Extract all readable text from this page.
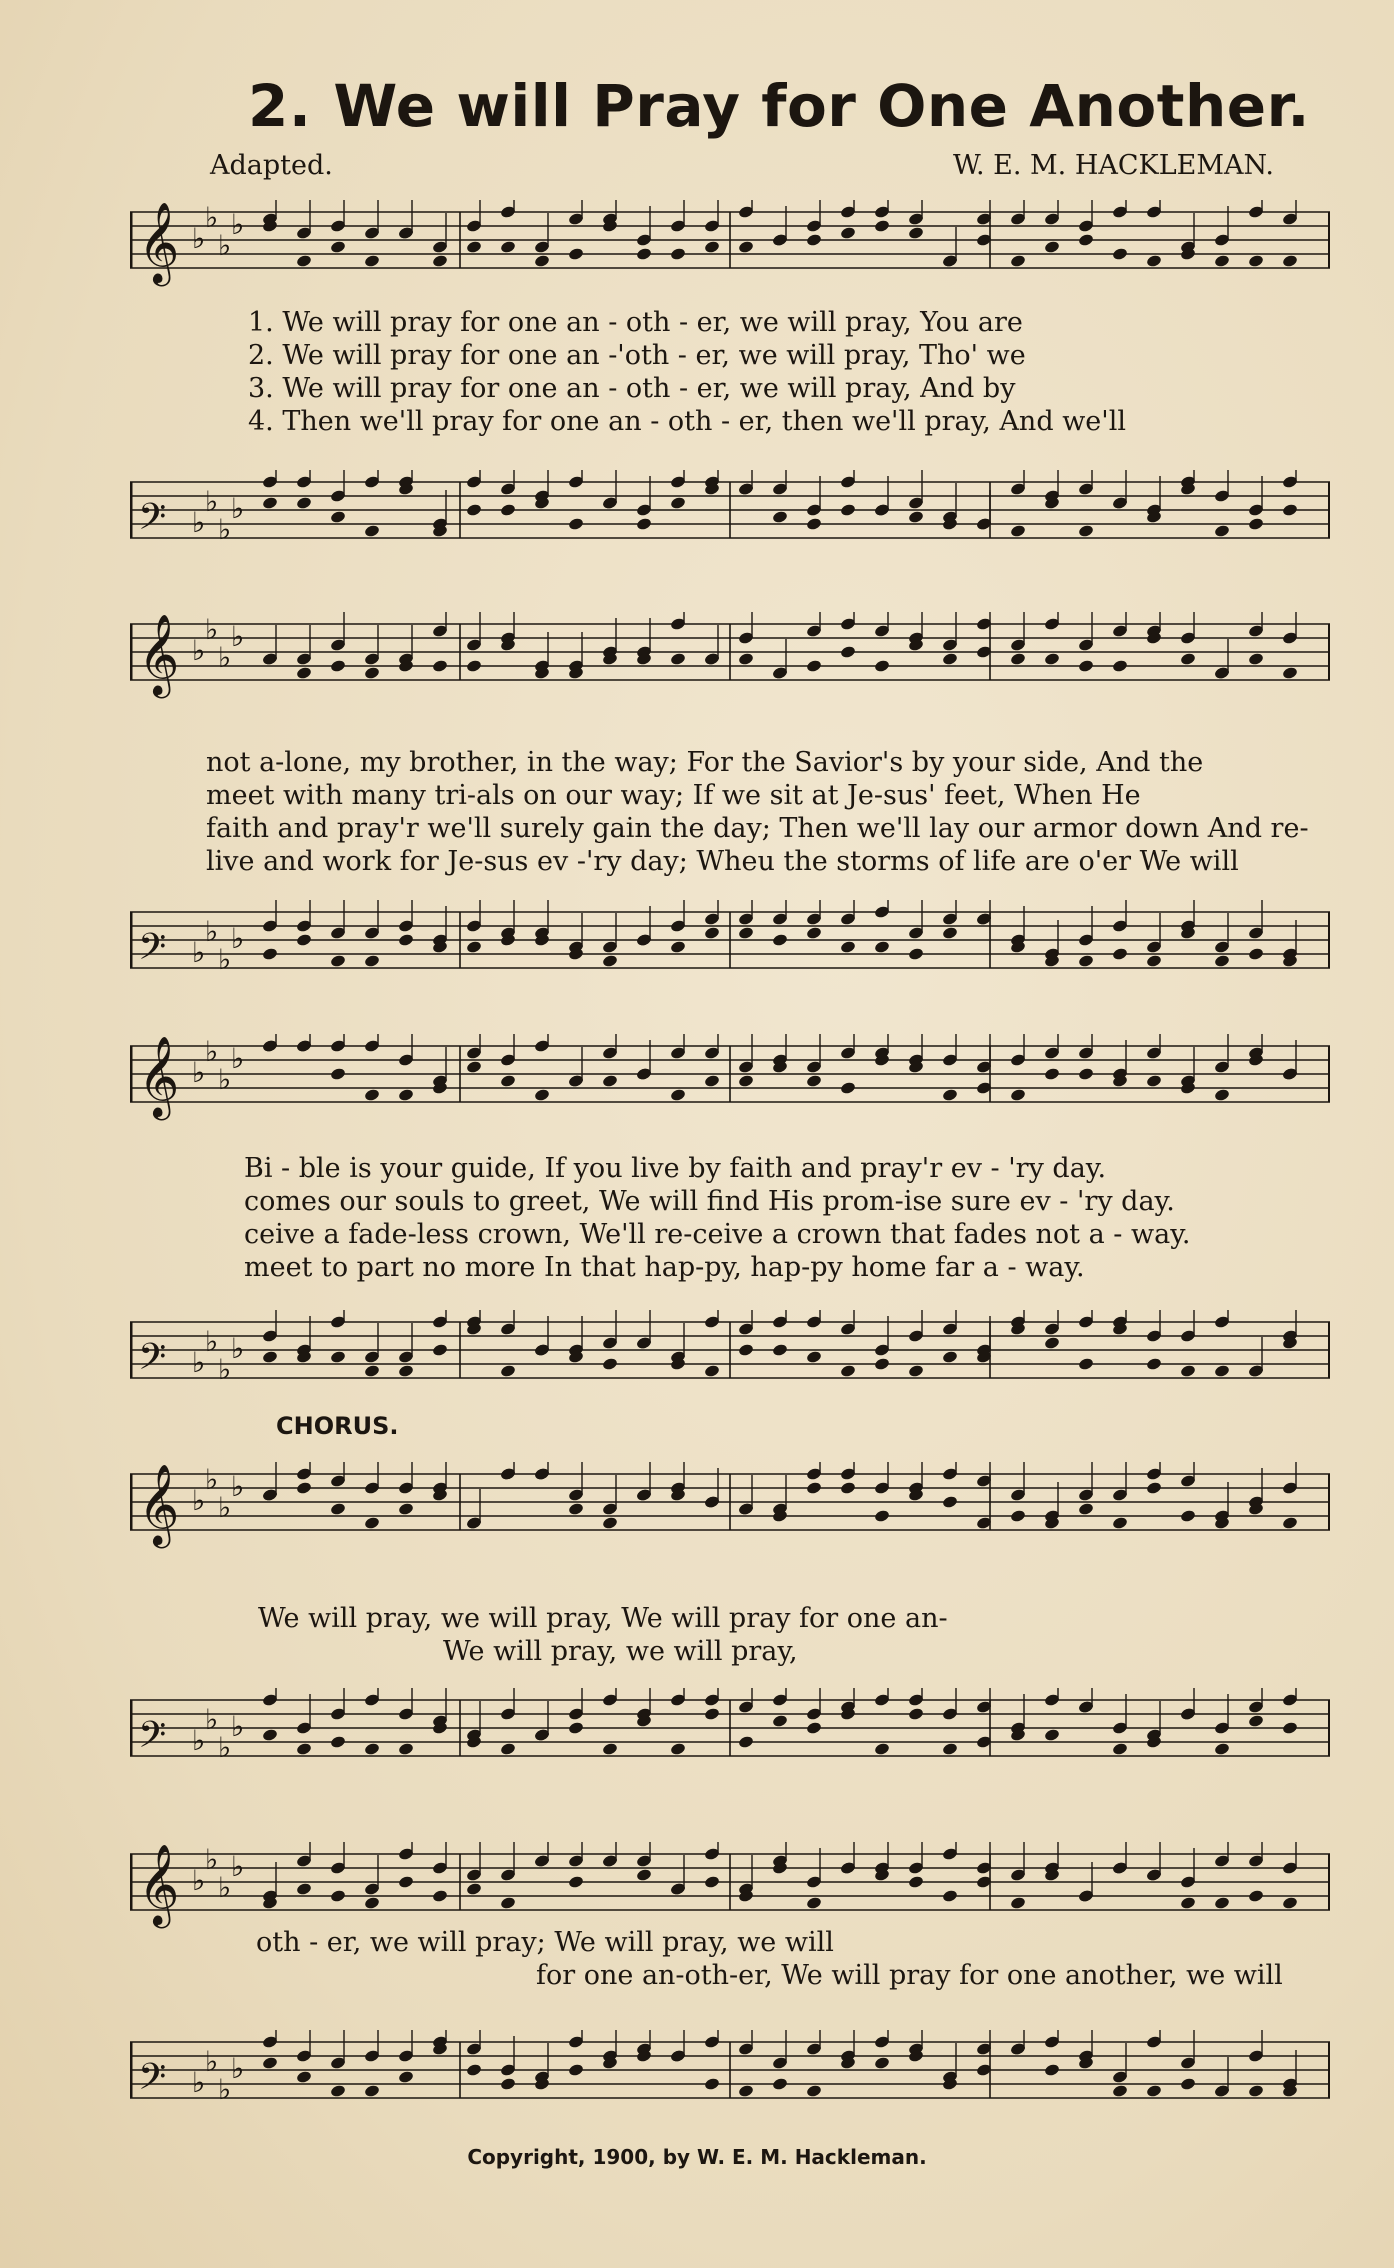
2. We will Pray for One Another.
Adapted.	W. E. M. HACKLEMAN.
𝄞 ♭
♭
♭
♭
1. We will pray for one an - oth - er, we will pray, You are
2. We will pray for one an -'oth - er, we will pray, Tho' we
3. We will pray for one an - oth - er, we will pray, And by
4. Then we'll pray for one an - oth - er, then we'll pray, And we'll
𝄢 ♭
♭
♭
♭
𝄞 ♭
♭
♭
♭
not a-lone, my brother, in the way; For the Savior's by your side, And the
meet with many tri-als on our way; If we sit at Je-sus' feet, When He
faith and pray'r we'll surely gain the day; Then we'll lay our armor down And re-
live and work for Je-sus ev -'ry day; Wheu the storms of life are o'er We will
𝄢 ♭
♭
♭
♭
𝄞 ♭
♭
♭
♭
Bi - ble is your guide, If you live by faith and pray'r ev - 'ry day.
comes our souls to greet, We will find His prom-ise sure ev - 'ry day.
ceive a fade-less crown, We'll re-ceive a crown that fades not a - way.
meet to part no more In that hap-py, hap-py home far a - way.
𝄢 ♭
♭
♭
♭
CHORUS.
𝄞 ♭
♭
♭
♭
We will pray, we will pray, We will pray for one an-
We will pray, we will pray,
𝄢 ♭
♭
♭
♭
𝄞 ♭
♭
♭
♭
oth - er, we will pray; We will pray, we will
for one an-oth-er, We will pray for one another, we will
𝄢 ♭
♭
♭
♭
Copyright, 1900, by W. E. M. Hackleman.
